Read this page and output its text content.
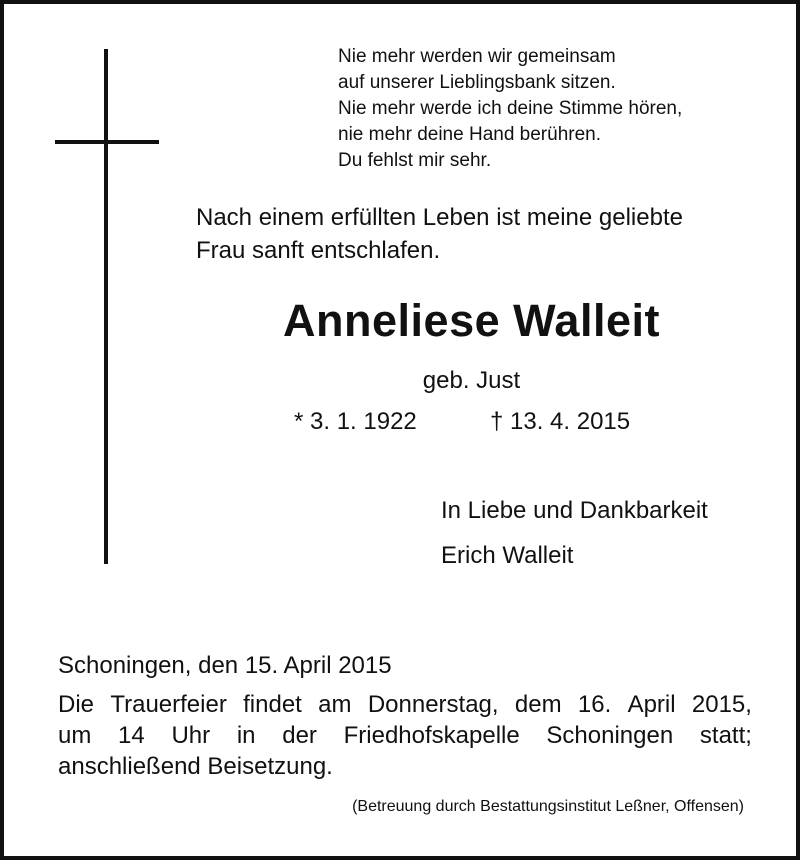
Nie mehr werden wir gemeinsam
auf unserer Lieblingsbank sitzen.
Nie mehr werde ich deine Stimme hören,
nie mehr deine Hand berühren.
Du fehlst mir sehr.
Nach einem erfüllten Leben ist meine geliebte
Frau sanft entschlafen.
Anneliese Walleit
geb. Just
* 3. 1. 1922	† 13. 4. 2015
In Liebe und Dankbarkeit
Erich Walleit
Schoningen, den 15. April 2015
Die Trauerfeier findet am Donnerstag, dem 16. April 2015,
um 14 Uhr in der Friedhofskapelle Schoningen statt;
anschließend Beisetzung.
(Betreuung durch Bestattungsinstitut Leßner, Offensen)
